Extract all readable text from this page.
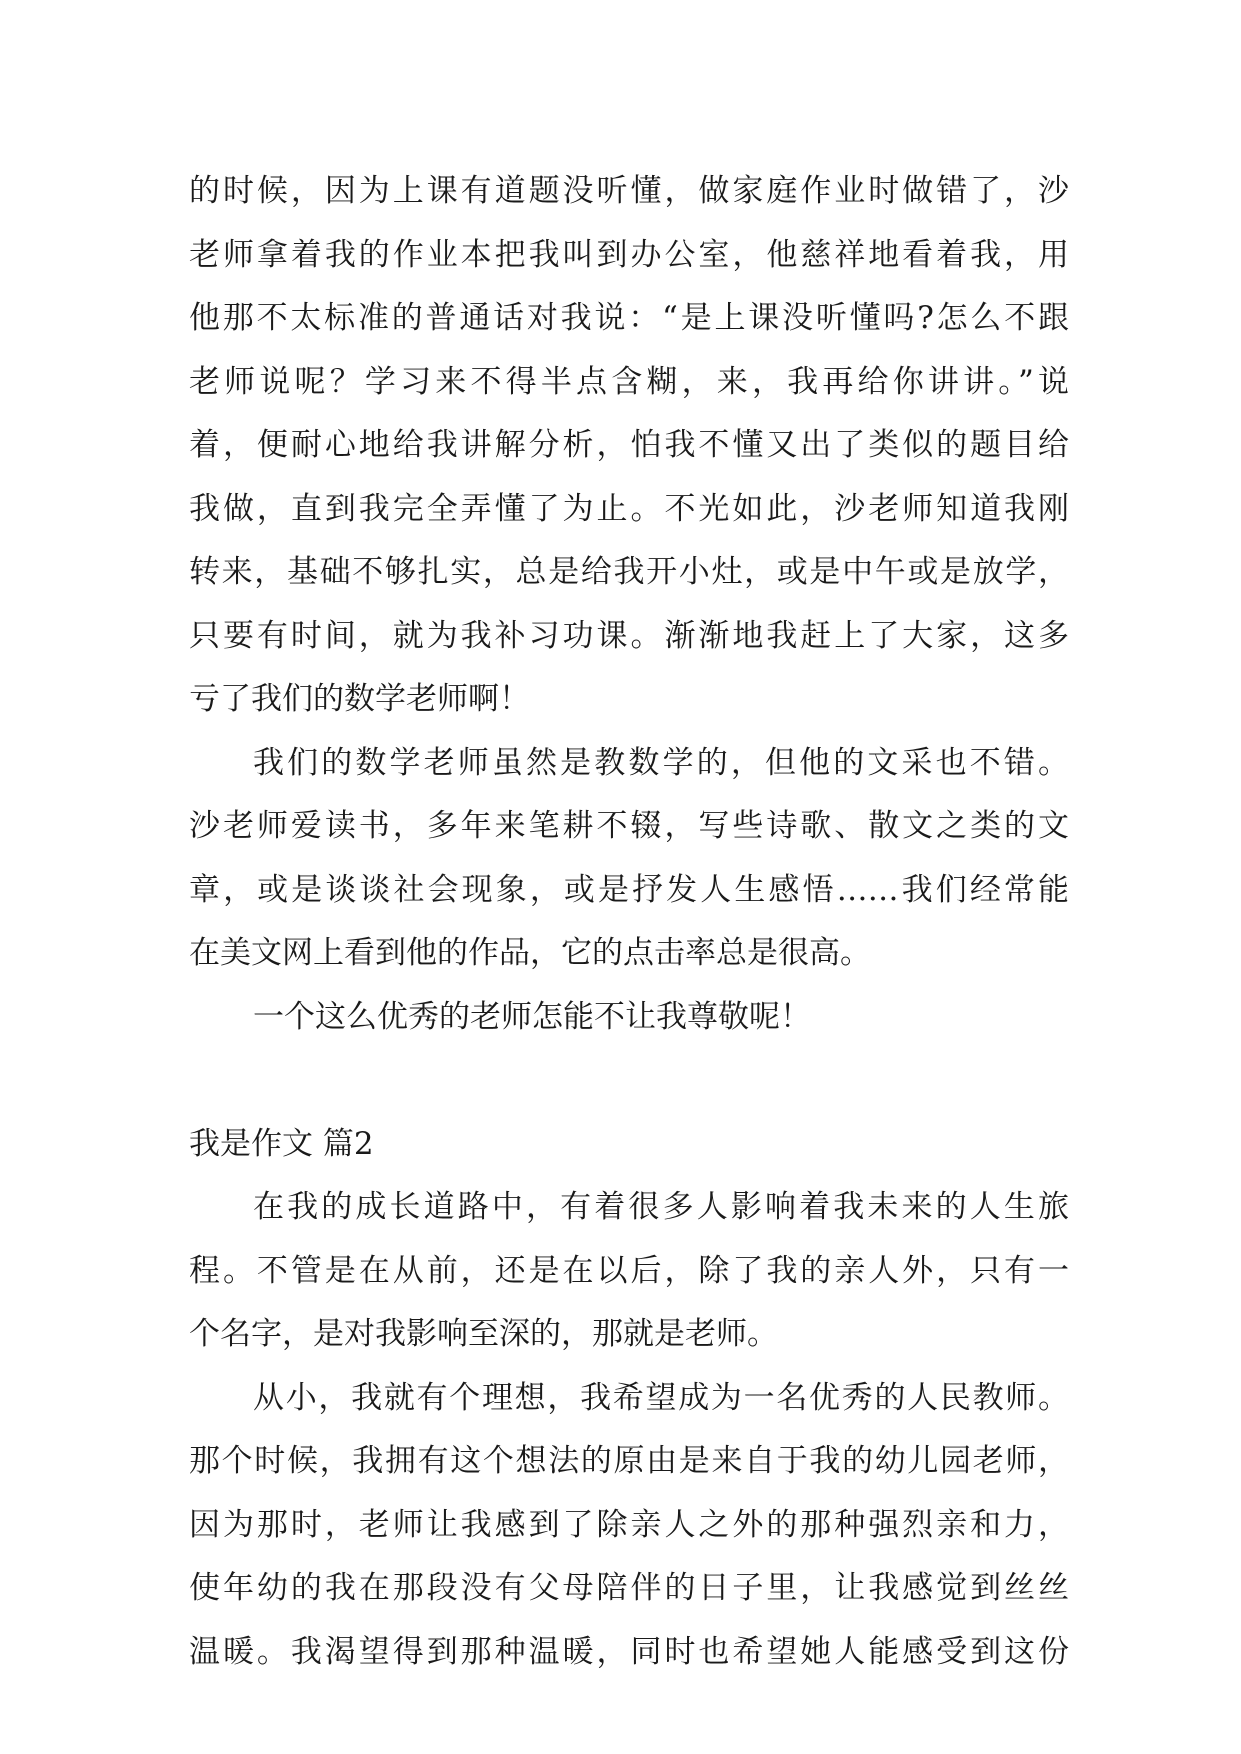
的时候，因为上课有道题没听懂，做家庭作业时做错了，沙
老师拿着我的作业本把我叫到办公室，他慈祥地看着我，用
他那不太标准的普通话对我说：“是上课没听懂吗?怎么不跟
老师说呢？学习来不得半点含糊，来，我再给你讲讲。”说
着，便耐心地给我讲解分析，怕我不懂又出了类似的题目给
我做，直到我完全弄懂了为止。不光如此，沙老师知道我刚
转来，基础不够扎实，总是给我开小灶，或是中午或是放学，
只要有时间，就为我补习功课。渐渐地我赶上了大家，这多
亏了我们的数学老师啊！
我们的数学老师虽然是教数学的，但他的文采也不错。
沙老师爱读书，多年来笔耕不辍，写些诗歌、散文之类的文
章，或是谈谈社会现象，或是抒发人生感悟……我们经常能
在美文网上看到他的作品，它的点击率总是很高。
一个这么优秀的老师怎能不让我尊敬呢！
我是作文 篇2
在我的成长道路中，有着很多人影响着我未来的人生旅
程。不管是在从前，还是在以后，除了我的亲人外，只有一
个名字，是对我影响至深的，那就是老师。
从小，我就有个理想，我希望成为一名优秀的人民教师。
那个时候，我拥有这个想法的原由是来自于我的幼儿园老师，
因为那时，老师让我感到了除亲人之外的那种强烈亲和力，
使年幼的我在那段没有父母陪伴的日子里，让我感觉到丝丝
温暖。我渴望得到那种温暖，同时也希望她人能感受到这份
